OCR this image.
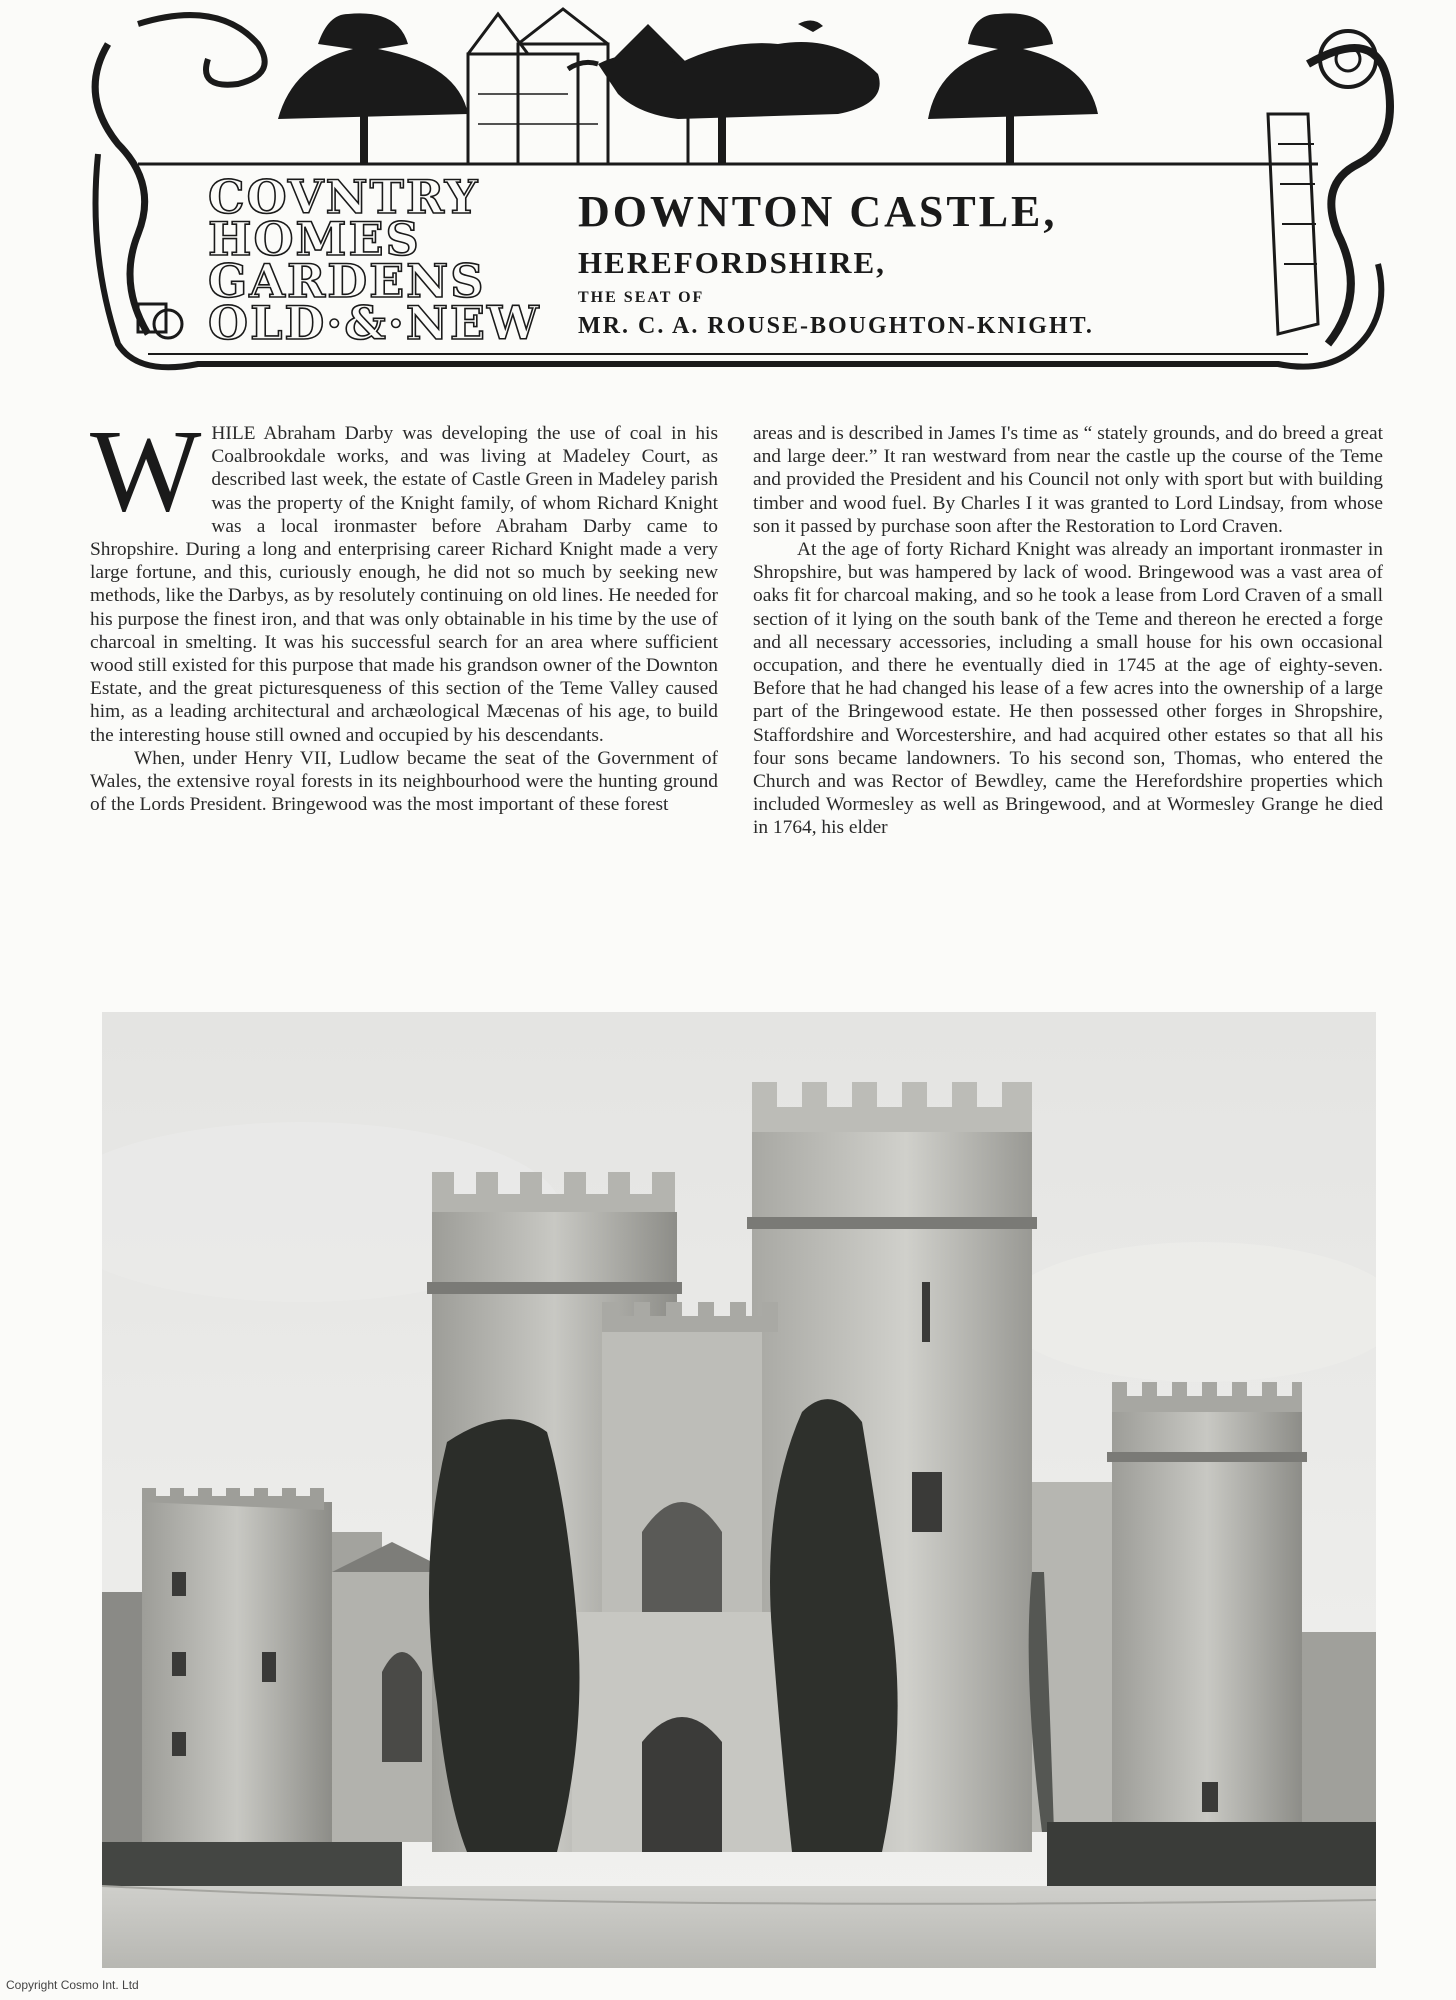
COVNTRY
HOMES
GARDENS
OLD·&·NEW
DOWNTON CASTLE,
HEREFORDSHIRE,
THE SEAT OF
MR. C. A. ROUSE-BOUGHTON-KNIGHT.

WHILE Abraham Darby was developing the use of coal in his Coalbrookdale works, and was living at Madeley Court, as described last week, the estate of Castle Green in Madeley parish was the property of the Knight family, of whom Richard Knight was a local ironmaster before Abraham Darby came to Shropshire. During a long and enterprising career Richard Knight made a very large fortune, and this, curiously enough, he did not so much by seeking new methods, like the Darbys, as by resolutely continuing on old lines. He needed for his purpose the finest iron, and that was only obtainable in his time by the use of charcoal in smelting. It was his successful search for an area where sufficient wood still existed for this purpose that made his grandson owner of the Downton Estate, and the great picturesqueness of this section of the Teme Valley caused him, as a leading architectural and archæological Mæcenas of his age, to build the interesting house still owned and occupied by his descendants.

When, under Henry VII, Ludlow became the seat of the Government of Wales, the extensive royal forests in its neighbourhood were the hunting ground of the Lords President. Bringewood was the most important of these forest

areas and is described in James I's time as “ stately grounds, and do breed a great and large deer.” It ran westward from near the castle up the course of the Teme and provided the President and his Council not only with sport but with building timber and wood fuel. By Charles I it was granted to Lord Lindsay, from whose son it passed by purchase soon after the Restoration to Lord Craven.

At the age of forty Richard Knight was already an important ironmaster in Shropshire, but was hampered by lack of wood. Bringewood was a vast area of oaks fit for charcoal making, and so he took a lease from Lord Craven of a small section of it lying on the south bank of the Teme and thereon he erected a forge and all necessary accessories, including a small house for his own occasional occupation, and there he eventually died in 1745 at the age of eighty-seven. Before that he had changed his lease of a few acres into the ownership of a large part of the Bringewood estate. He then possessed other forges in Shropshire, Staffordshire and Worcestershire, and had acquired other estates so that all his four sons became landowners. To his second son, Thomas, who entered the Church and was Rector of Bewdley, came the Herefordshire properties which included Wormesley as well as Bringewood, and at Wormesley Grange he died in 1764, his elder

Copyright Cosmo Int. Ltd
